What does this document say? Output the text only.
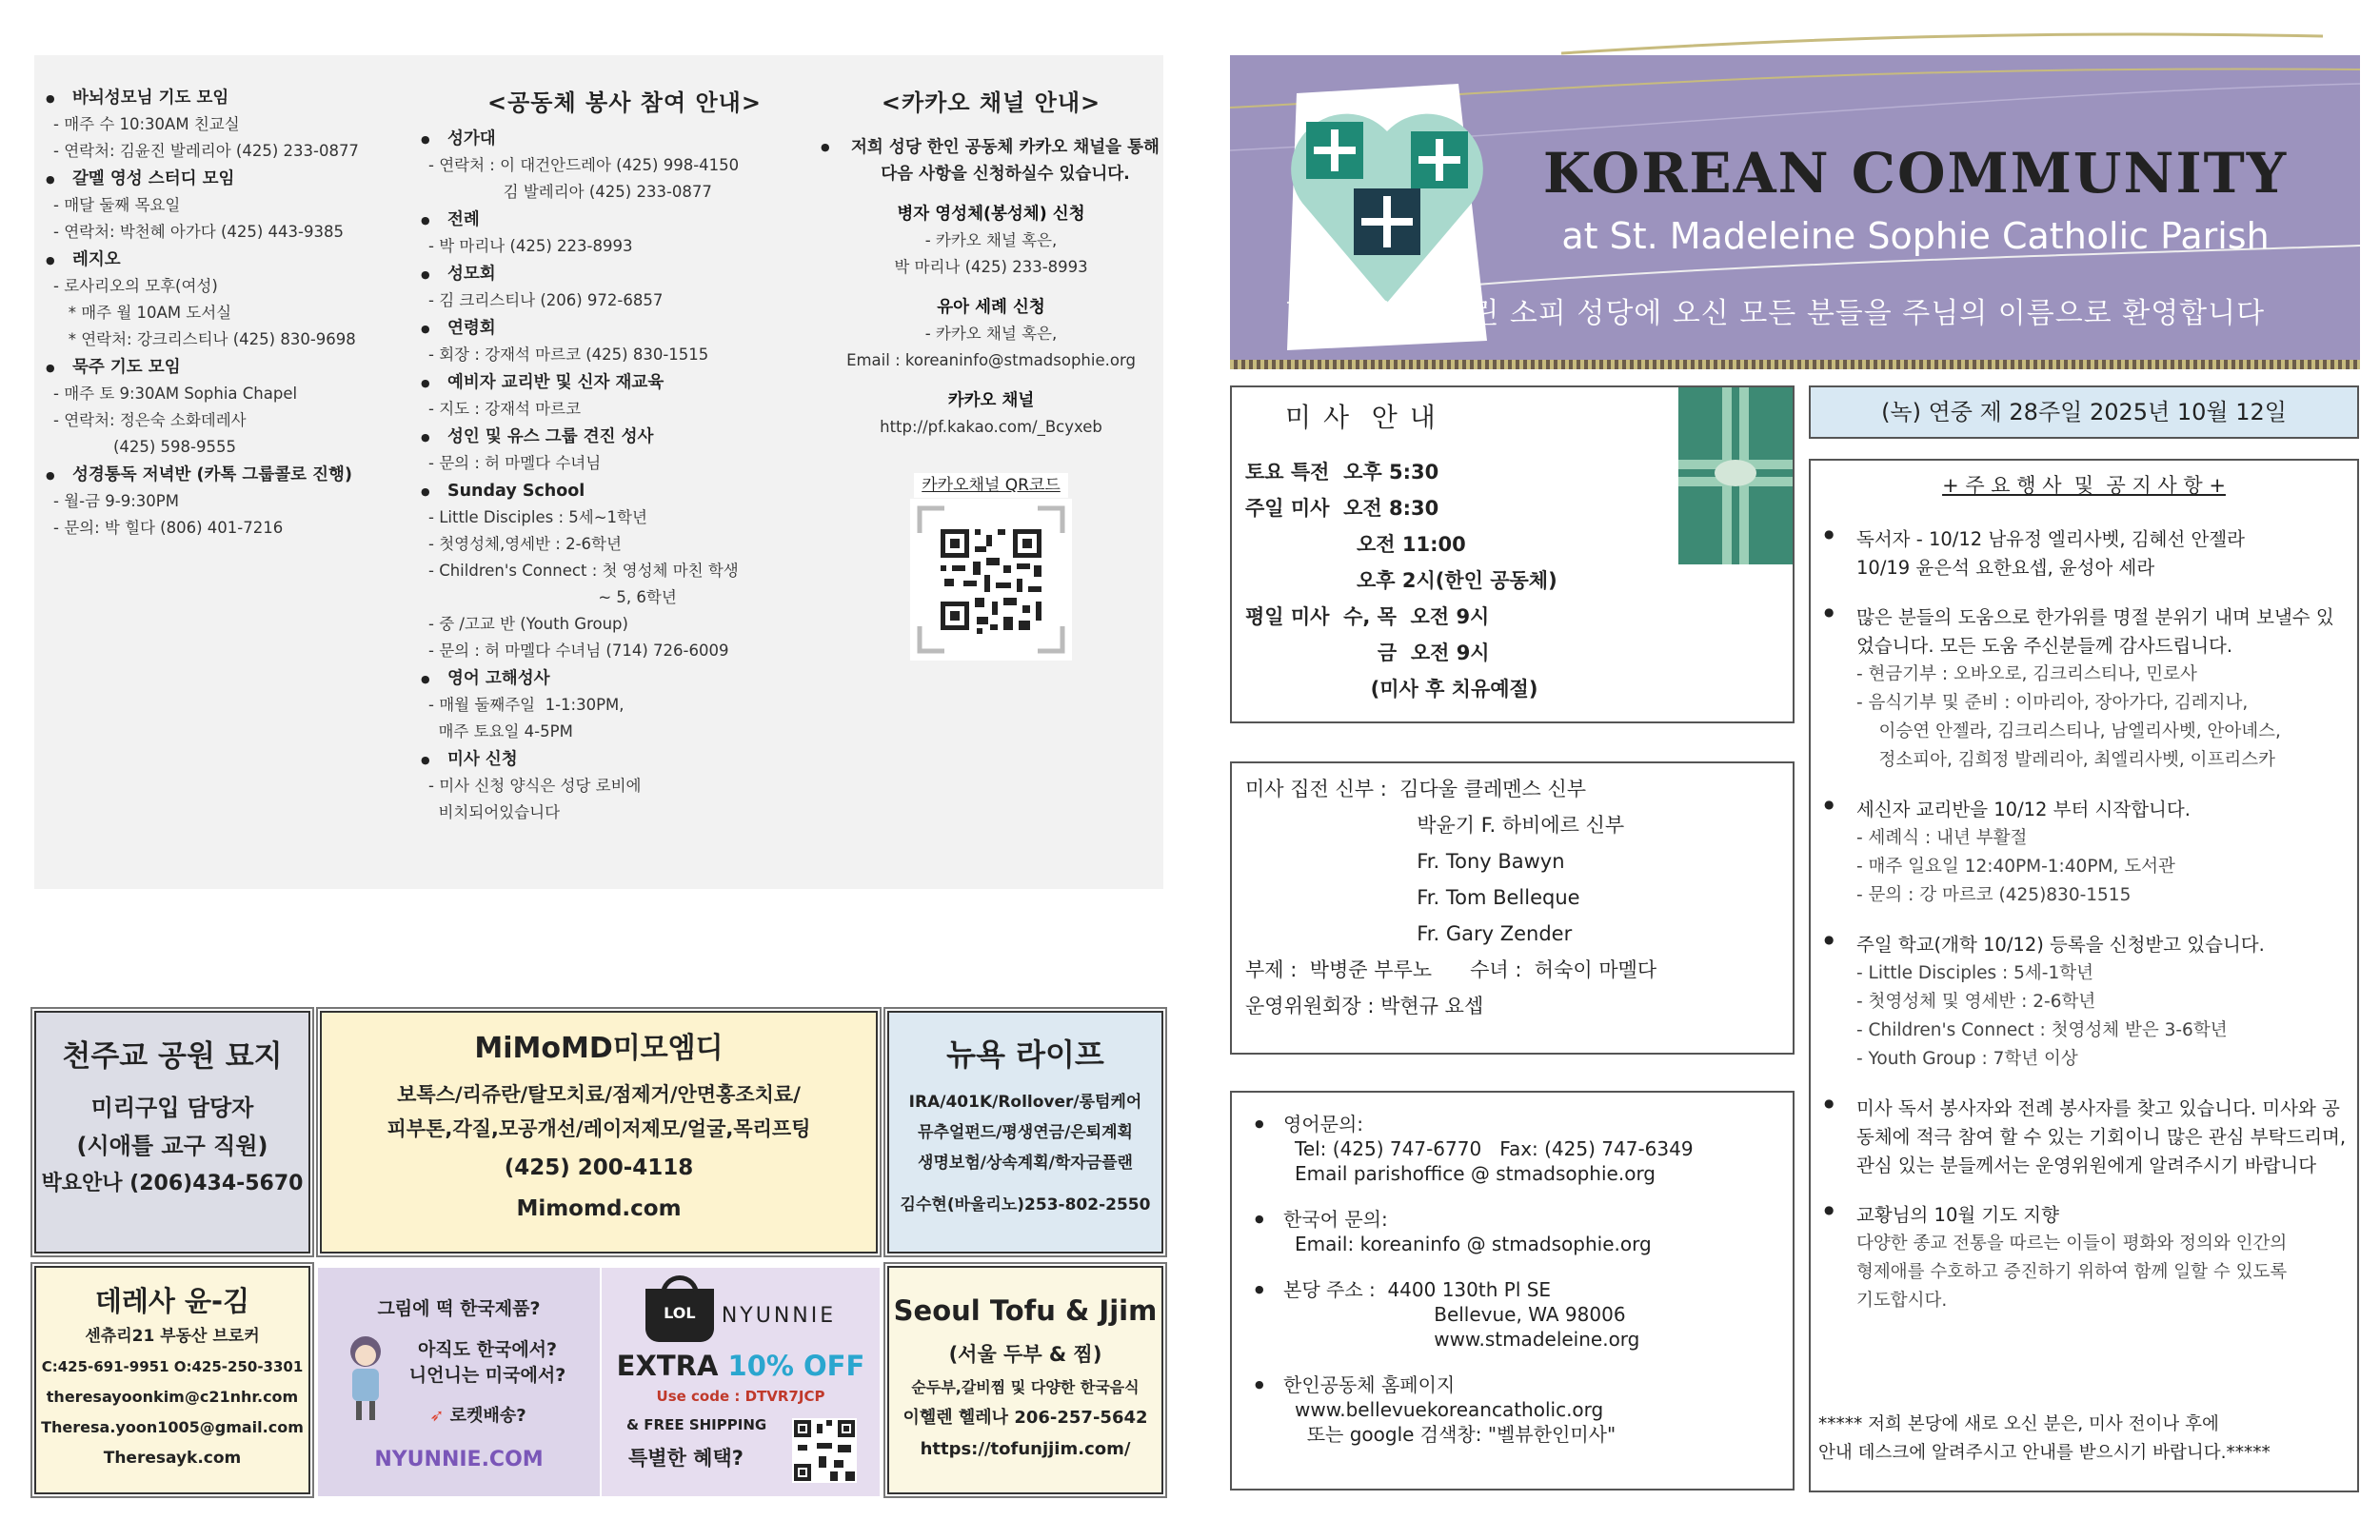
● 바뇌성모님 기도 모임
- 매주 수 10:30AM 친교실
- 연락처: 김윤진 발레리아 (425) 233-0877
● 갈멜 영성 스터디 모임
- 매달 둘째 목요일
- 연락처: 박천혜 아가다 (425) 443-9385
● 레지오
- 로사리오의 모후(여성)
* 매주 월 10AM 도서실
* 연락처: 강크리스티나 (425) 830-9698
● 묵주 기도 모임
- 매주 토 9:30AM Sophia Chapel
- 연락처: 정은숙 소화데레사
(425) 598-9555
● 성경통독 저녁반 (카톡 그룹콜로 진행)
- 월-금 9-9:30PM
- 문의: 박 힐다 (806) 401-7216
<공동체 봉사 참여 안내>
● 성가대
- 연락처 : 이 대건안드레아 (425) 998-4150
김 발레리아 (425) 233-0877
● 전례
- 박 마리나 (425) 223-8993
● 성모회
- 김 크리스티나 (206) 972-6857
● 연령회
- 회장 : 강재석 마르코 (425) 830-1515
● 예비자 교리반 및 신자 재교육
- 지도 : 강재석 마르코
● 성인 및 유스 그룹 견진 성사
- 문의 : 허 마멜다 수녀님
● Sunday School
- Little Disciples : 5세~1학년
- 첫영성체,영세반 : 2-6학년
- Children's Connect : 첫 영성체 마친 학생
~ 5, 6학년
- 중 /고교 반 (Youth Group)
- 문의 : 허 마멜다 수녀님 (714) 726-6009
● 영어 고해성사
- 매월 둘째주일  1-1:30PM,
매주 토요일 4-5PM
● 미사 신청
- 미사 신청 양식은 성당 로비에
비치되어있습니다
<카카오 채널 안내>
● 저희 성당 한인 공동체 카카오 채널을 통해 다음 사항을 신청하실수 있습니다.
병자 영성체(봉성체) 신청
- 카카오 채널 혹은,
박 마리나 (425) 233-8993
유아 세례 신청
- 카카오 채널 혹은,
Email : koreaninfo@stmadsophie.org
카카오 채널
http://pf.kakao.com/_Bcyxeb
카카오채널 QR코드
천주교 공원 묘지
미리구입 담당자
(시애틀 교구 직원)
박요안나 (206)434-5670
MiMoMD미모엠디
보톡스/리쥬란/탈모치료/점제거/안면홍조치료/
피부톤,각질,모공개선/레이저제모/얼굴,목리프팅
(425) 200-4118
Mimomd.com
뉴욕 라이프
IRA/401K/Rollover/롱텀케어
뮤추얼펀드/평생연금/은퇴계획
생명보험/상속계획/학자금플랜
김수현(바울리노)253-802-2550
데레사 윤-김
센츄리21 부동산 브로커
C:425-691-9951 O:425-250-3301
theresayoonkim@c21nhr.com
Theresa.yoon1005@gmail.com
Theresayk.com
그림에 떡 한국제품?
아직도 한국에서?
니언니는 미국에서?
➶ 로켓배송?
NYUNNIE.COM
LOL	NYUNNIE
EXTRA 10% OFF
Use code : DTVR7JCP
& FREE SHIPPING
특별한 혜택?
Seoul Tofu & Jjim
(서울 두부 & 찜)
순두부,갈비찜 및 다양한 한국음식
이헬렌 헬레나 206-257-5642
https://tofunjjim.com/
KOREAN COMMUNITY
at St. Madeleine Sophie Catholic Parish
성 매들린 소피 성당에 오신 모든 분들을 주님의 이름으로 환영합니다
미 사  안 내
토요 특전  오후 5:30
주일 미사  오전 8:30
오전 11:00
오후 2시(한인 공동체)
평일 미사  수, 목  오전 9시
금  오전 9시
(미사 후 치유예절)
미사 집전 신부 :  김다울 클레멘스 신부
박윤기 F. 하비에르 신부
Fr. Tony Bawyn
Fr. Tom Belleque
Fr. Gary Zender
부제 :  박병준 부루노      수녀 :  허숙이 마멜다
운영위원회장 : 박현규 요셉
● 영어문의:
Tel: (425) 747-6770   Fax: (425) 747-6349
Email parishoffice @ stmadsophie.org
● 한국어 문의:
Email: koreaninfo @ stmadsophie.org
● 본당 주소 :  4400 130th Pl SE
Bellevue, WA 98006
www.stmadeleine.org
● 한인공동체 홈페이지
www.bellevuekoreancatholic.org
또는 google 검색창: "벨뷰한인미사"
(녹) 연중 제 28주일 2025년 10월 12일
+ 주 요 행 사  및  공 지 사 항 +
● 독서자 - 10/12 남유정 엘리사벳, 김혜선 안젤라
10/19 윤은석 요한요셉, 윤성아 세라
● 많은 분들의 도움으로 한가위를 명절 분위기 내며 보낼수 있었습니다. 모든 도움 주신분들께 감사드립니다.
- 현금기부 : 오바오로, 김크리스티나, 민로사
- 음식기부 및 준비 : 이마리아, 장아가다, 김레지나,
이승연 안젤라, 김크리스티나, 남엘리사벳, 안아녜스,
정소피아, 김희정 발레리아, 최엘리사벳, 이프리스카
● 세신자 교리반을 10/12 부터 시작합니다.
- 세례식 : 내년 부활절
- 매주 일요일 12:40PM-1:40PM, 도서관
- 문의 : 강 마르코 (425)830-1515
● 주일 학교(개학 10/12) 등록을 신청받고 있습니다.
- Little Disciples : 5세-1학년
- 첫영성체 및 영세반 : 2-6학년
- Children's Connect : 첫영성체 받은 3-6학년
- Youth Group : 7학년 이상
● 미사 독서 봉사자와 전례 봉사자를 찾고 있습니다. 미사와 공동체에 적극 참여 할 수 있는 기회이니 많은 관심 부탁드리며, 관심 있는 분들께서는 운영위원에게 알려주시기 바랍니다
● 교황님의 10월 기도 지향
다양한 종교 전통을 따르는 이들이 평화와 정의와 인간의
형제애를 수호하고 증진하기 위하여 함께 일할 수 있도록
기도합시다.
***** 저희 본당에 새로 오신 분은, 미사 전이나 후에
안내 데스크에 알려주시고 안내를 받으시기 바랍니다.*****
